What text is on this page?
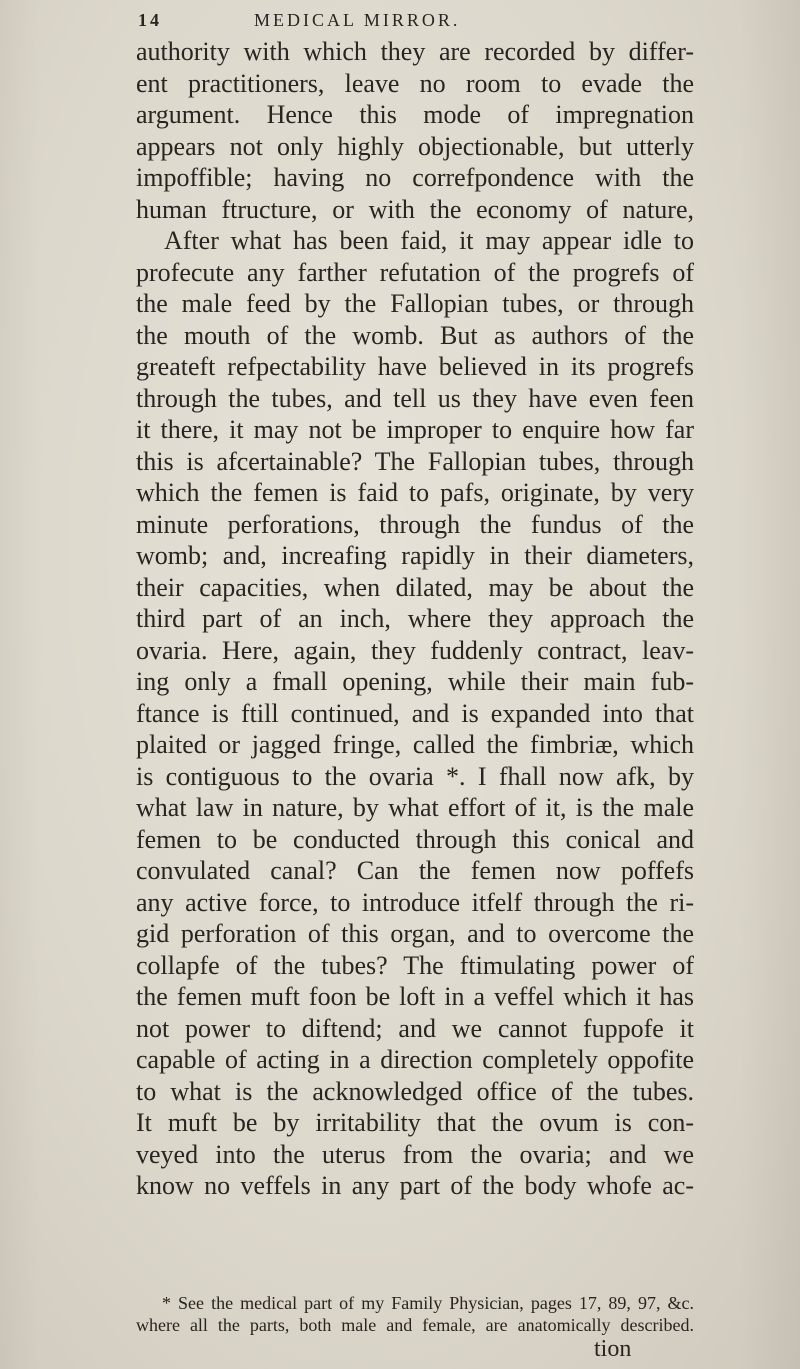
14	MEDICAL MIRROR.
authority with which they are recorded by differ-
ent practitioners, leave no room to evade the
argument. Hence this mode of impregnation
appears not only highly objectionable, but utterly
impoffible; having no correfpondence with the
human ftructure, or with the economy of nature,
After what has been faid, it may appear idle to
profecute any farther refutation of the progrefs of
the male feed by the Fallopian tubes, or through
the mouth of the womb. But as authors of the
greateft refpectability have believed in its progrefs
through the tubes, and tell us they have even feen
it there, it may not be improper to enquire how far
this is afcertainable? The Fallopian tubes, through
which the femen is faid to pafs, originate, by very
minute perforations, through the fundus of the
womb; and, increafing rapidly in their diameters,
their capacities, when dilated, may be about the
third part of an inch, where they approach the
ovaria. Here, again, they fuddenly contract, leav-
ing only a fmall opening, while their main fub-
ftance is ftill continued, and is expanded into that
plaited or jagged fringe, called the fimbriæ, which
is contiguous to the ovaria *. I fhall now afk, by
what law in nature, by what effort of it, is the male
femen to be conducted through this conical and
convulated canal? Can the femen now poffefs
any active force, to introduce itfelf through the ri-
gid perforation of this organ, and to overcome the
collapfe of the tubes? The ftimulating power of
the femen muft foon be loft in a veffel which it has
not power to diftend; and we cannot fuppofe it
capable of acting in a direction completely oppofite
to what is the acknowledged office of the tubes.
It muft be by irritability that the ovum is con-
veyed into the uterus from the ovaria; and we
know no veffels in any part of the body whofe ac-
* See the medical part of my Family Physician, pages 17, 89, 97, &c.
where all the parts, both male and female, are anatomically described.
tion
